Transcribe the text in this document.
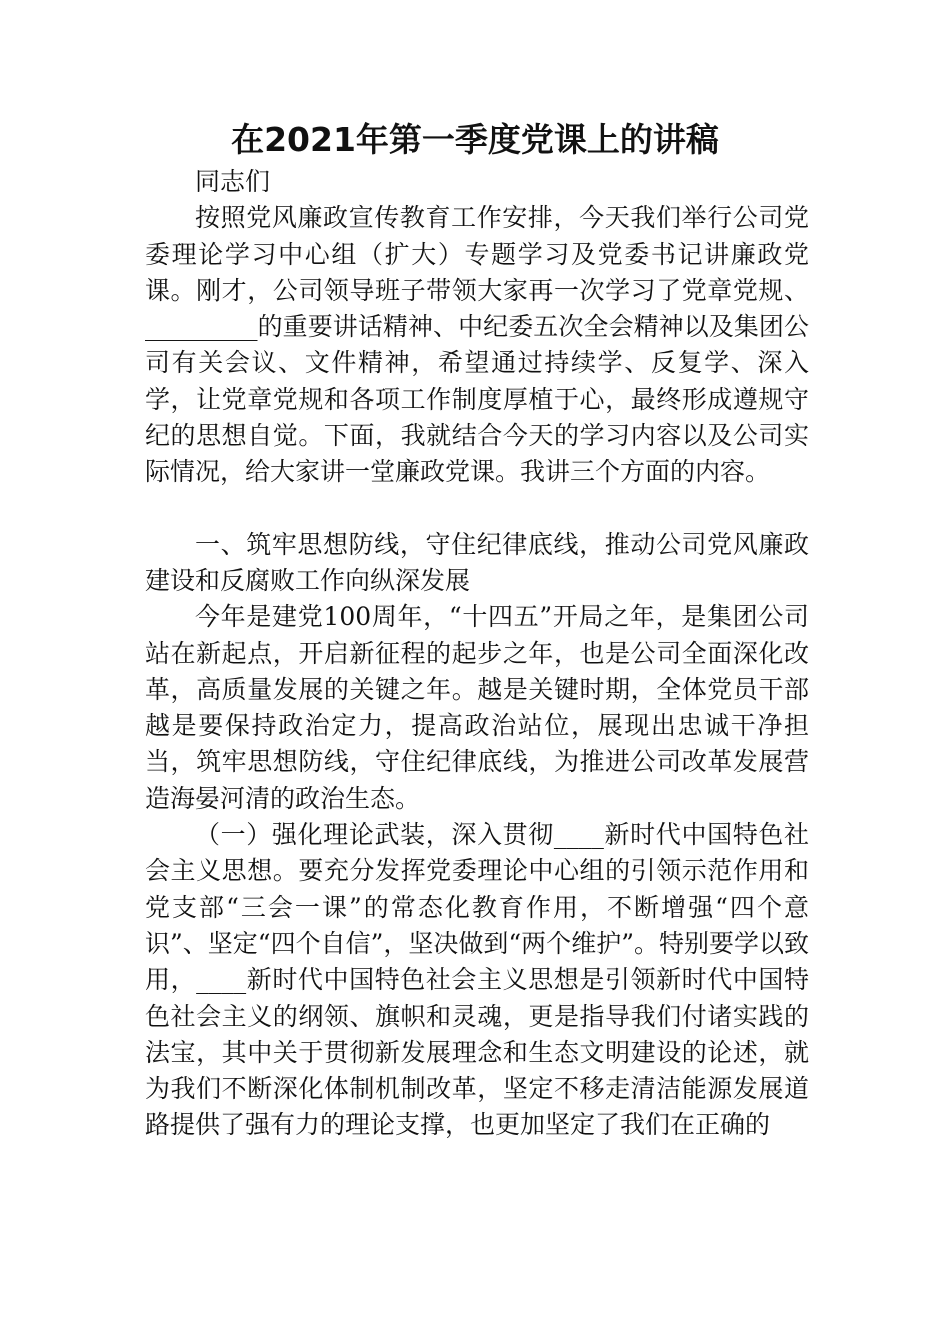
在2021年第一季度党课上的讲稿

同志们

按照党风廉政宣传教育工作安排，今天我们举行公司党委理论学习中心组（扩大）专题学习及党委书记讲廉政党课。刚才，公司领导班子带领大家再一次学习了党章党规、_________的重要讲话精神、中纪委五次全会精神以及集团公司有关会议、文件精神，希望通过持续学、反复学、深入学，让党章党规和各项工作制度厚植于心，最终形成遵规守纪的思想自觉。下面，我就结合今天的学习内容以及公司实际情况，给大家讲一堂廉政党课。我讲三个方面的内容。

一、筑牢思想防线，守住纪律底线，推动公司党风廉政建设和反腐败工作向纵深发展

今年是建党100周年，“十四五”开局之年，是集团公司站在新起点，开启新征程的起步之年，也是公司全面深化改革，高质量发展的关键之年。越是关键时期，全体党员干部越是要保持政治定力，提高政治站位，展现出忠诚干净担当，筑牢思想防线，守住纪律底线，为推进公司改革发展营造海晏河清的政治生态。

（一）强化理论武装，深入贯彻____新时代中国特色社会主义思想。要充分发挥党委理论中心组的引领示范作用和党支部“三会一课”的常态化教育作用，不断增强“四个意识”、坚定“四个自信”，坚决做到“两个维护”。特别要学以致用，____新时代中国特色社会主义思想是引领新时代中国特色社会主义的纲领、旗帜和灵魂，更是指导我们付诸实践的法宝，其中关于贯彻新发展理念和生态文明建设的论述，就为我们不断深化体制机制改革，坚定不移走清洁能源发展道路提供了强有力的理论支撑，也更加坚定了我们在正确的
